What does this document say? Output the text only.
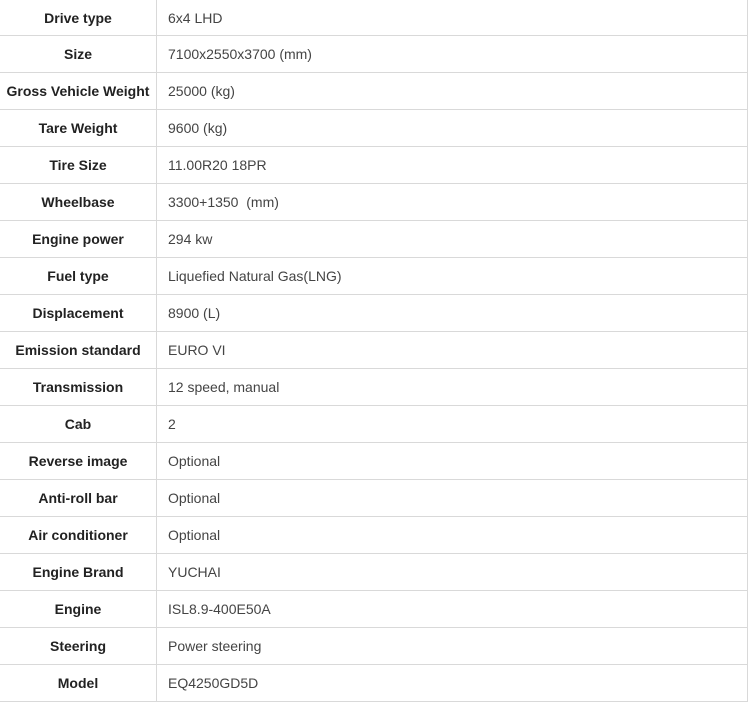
Drive type	6x4 LHD
Size	7100x2550x3700 (mm)
Gross Vehicle Weight	25000 (kg)
Tare Weight	9600 (kg)
Tire Size	11.00R20 18PR
Wheelbase	3300+1350  (mm)
Engine power	294 kw
Fuel type	Liquefied Natural Gas(LNG)
Displacement	8900 (L)
Emission standard	EURO VI
Transmission	12 speed, manual
Cab	2
Reverse image	Optional
Anti-roll bar	Optional
Air conditioner	Optional
Engine Brand	YUCHAI
Engine	ISL8.9-400E50A
Steering	Power steering
Model	EQ4250GD5D
